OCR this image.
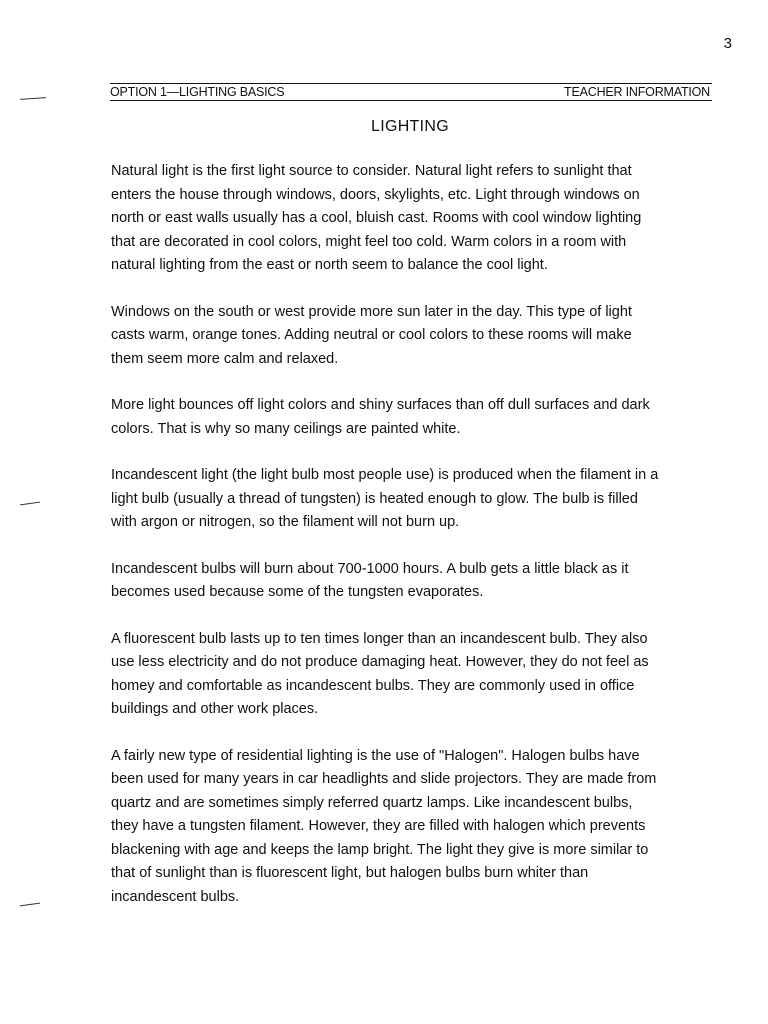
3
OPTION 1—LIGHTING BASICS	TEACHER INFORMATION
LIGHTING

Natural light is the first light source to consider. Natural light refers to sunlight that
enters the house through windows, doors, skylights, etc. Light through windows on
north or east walls usually has a cool, bluish cast. Rooms with cool window lighting
that are decorated in cool colors, might feel too cold. Warm colors in a room with
natural lighting from the east or north seem to balance the cool light.

Windows on the south or west provide more sun later in the day. This type of light
casts warm, orange tones. Adding neutral or cool colors to these rooms will make
them seem more calm and relaxed.

More light bounces off light colors and shiny surfaces than off dull surfaces and dark
colors. That is why so many ceilings are painted white.

Incandescent light (the light bulb most people use) is produced when the filament in a
light bulb (usually a thread of tungsten) is heated enough to glow. The bulb is filled
with argon or nitrogen, so the filament will not burn up.

Incandescent bulbs will burn about 700-1000 hours. A bulb gets a little black as it
becomes used because some of the tungsten evaporates.

A fluorescent bulb lasts up to ten times longer than an incandescent bulb. They also
use less electricity and do not produce damaging heat. However, they do not feel as
homey and comfortable as incandescent bulbs. They are commonly used in office
buildings and other work places.

A fairly new type of residential lighting is the use of "Halogen". Halogen bulbs have
been used for many years in car headlights and slide projectors. They are made from
quartz and are sometimes simply referred quartz lamps. Like incandescent bulbs,
they have a tungsten filament. However, they are filled with halogen which prevents
blackening with age and keeps the lamp bright. The light they give is more similar to
that of sunlight than is fluorescent light, but halogen bulbs burn whiter than
incandescent bulbs.
